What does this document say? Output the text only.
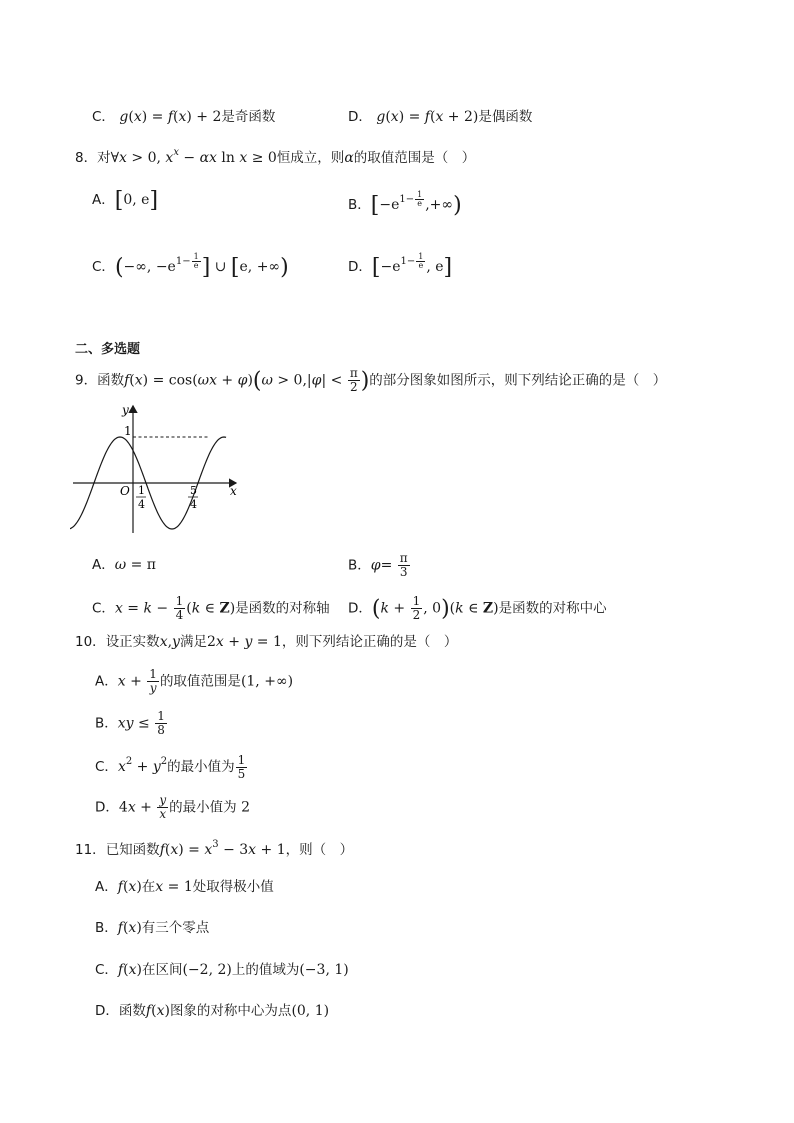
C． g(x) = f(x) + 2是奇函数	D． g(x) = f(x + 2)是偶函数
8．对∀x > 0, $x^x - \alpha x$ ln x ≥ 0恒成立，则α的取值范围是（　）
A．[0, e]	B．[$-e^{1- \frac{1}{e}}$ ,+∞)
C．(−∞, $-e^{1- \frac{1}{e}}$ ] ∪ [e, +∞)	D．[$-e^{1- \frac{1}{e}}$ , e]
二、多选题
9．函数$f(x) = \cos(\omega x + \varphi)(\omega > 0,|\varphi| < \frac{\pi}{2}$ )的部分图象如图所示，则下列结论正确的是（　）
y
x
O
1
1
4
5
4
A．ω = π	B．$\varphi= \frac{\pi}{3}$
C．$x = k - \frac{1}{4} (k$ ∈ Z)是函数的对称轴 D．($k + \frac{1}{2}$ , 0)(k ∈ Z)是函数的对称中心
10．设正实数x,y满足2x + y = 1，则下列结论正确的是（　）
A．$x + \frac{1}{y}$ 的取值范围是(1, +∞)
B．xy ≤ $\frac{1}{8}$
C．$x^2 + y^2$的最小值为 $\frac{1}{5}$
D．$4x + \frac{y}{x}$ 的最小值为 2
11．已知函数$f(x) = x^3 - 3x + 1$，则（　）
A．f(x)在x = 1处取得极小值
B．f(x)有三个零点
C．f(x)在区间(−2, 2)上的值域为(−3, 1)
D．函数f(x)图象的对称中心为点(0, 1)
